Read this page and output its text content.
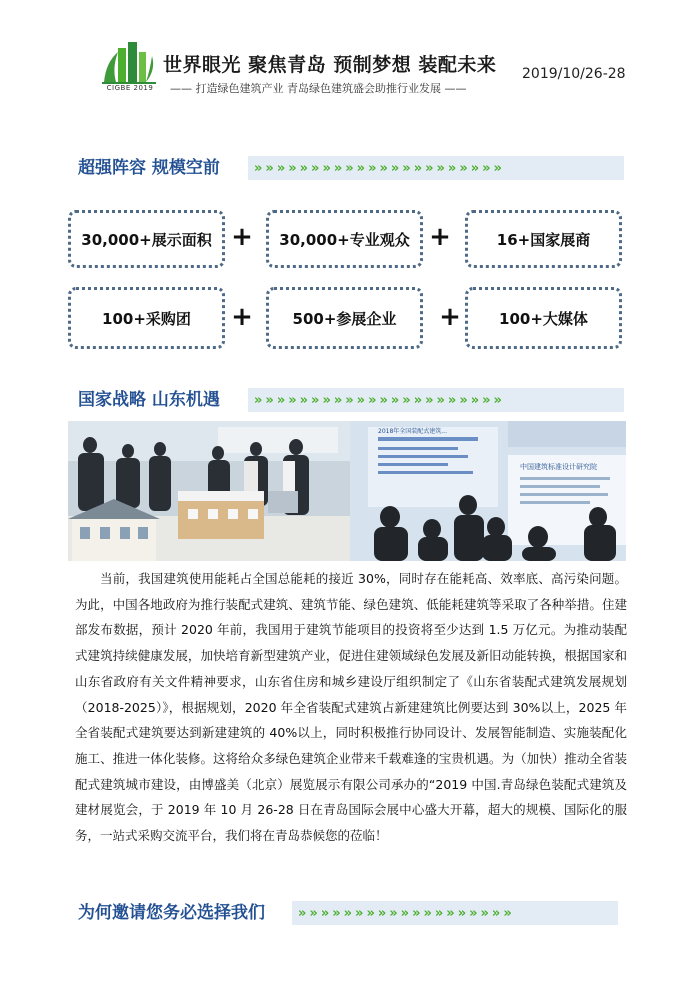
CIGBE 2019
世界眼光 聚焦青岛 预制梦想 装配未来
—— 打造绿色建筑产业 青岛绿色建筑盛会助推行业发展 ——
2019/10/26-28
超强阵容 规模空前	» » » » » » » » » » » » » » » » » » » » » »
30,000+展示面积 +	30,000+专业观众 +	16+国家展商
100+采购团	+	500+参展企业	+	100+大媒体
国家战略 山东机遇	» » » » » » » » » » » » » » » » » » » » » »
中国建筑标准设计研究院
2018年全国装配式建筑...

当前，我国建筑使用能耗占全国总能耗的接近 30%，同时存在能耗高、效率底、高污染问题。为此，中国各地政府为推行装配式建筑、建筑节能、绿色建筑、低能耗建筑等采取了各种举措。住建部发布数据，预计 2020 年前，我国用于建筑节能项目的投资将至少达到 1.5 万亿元。为推动装配式建筑持续健康发展，加快培育新型建筑产业，促进住建领域绿色发展及新旧动能转换，根据国家和山东省政府有关文件精神要求，山东省住房和城乡建设厅组织制定了《山东省装配式建筑发展规划（2018-2025）》，根据规划，2020 年全省装配式建筑占新建建筑比例要达到 30%以上，2025 年全省装配式建筑要达到新建建筑的 40%以上，同时积极推行协同设计、发展智能制造、实施装配化施工、推进一体化装修。这将给众多绿色建筑企业带来千载难逢的宝贵机遇。为（加快）推动全省装配式建筑城市建设，由博盛美（北京）展览展示有限公司承办的“2019 中国.青岛绿色装配式建筑及建材展览会，于 2019 年 10 月 26-28 日在青岛国际会展中心盛大开幕，超大的规模、国际化的服务，一站式采购交流平台，我们将在青岛恭候您的莅临！

为何邀请您务必选择我们	» » » » » » » » » » » » » » » » » » »
